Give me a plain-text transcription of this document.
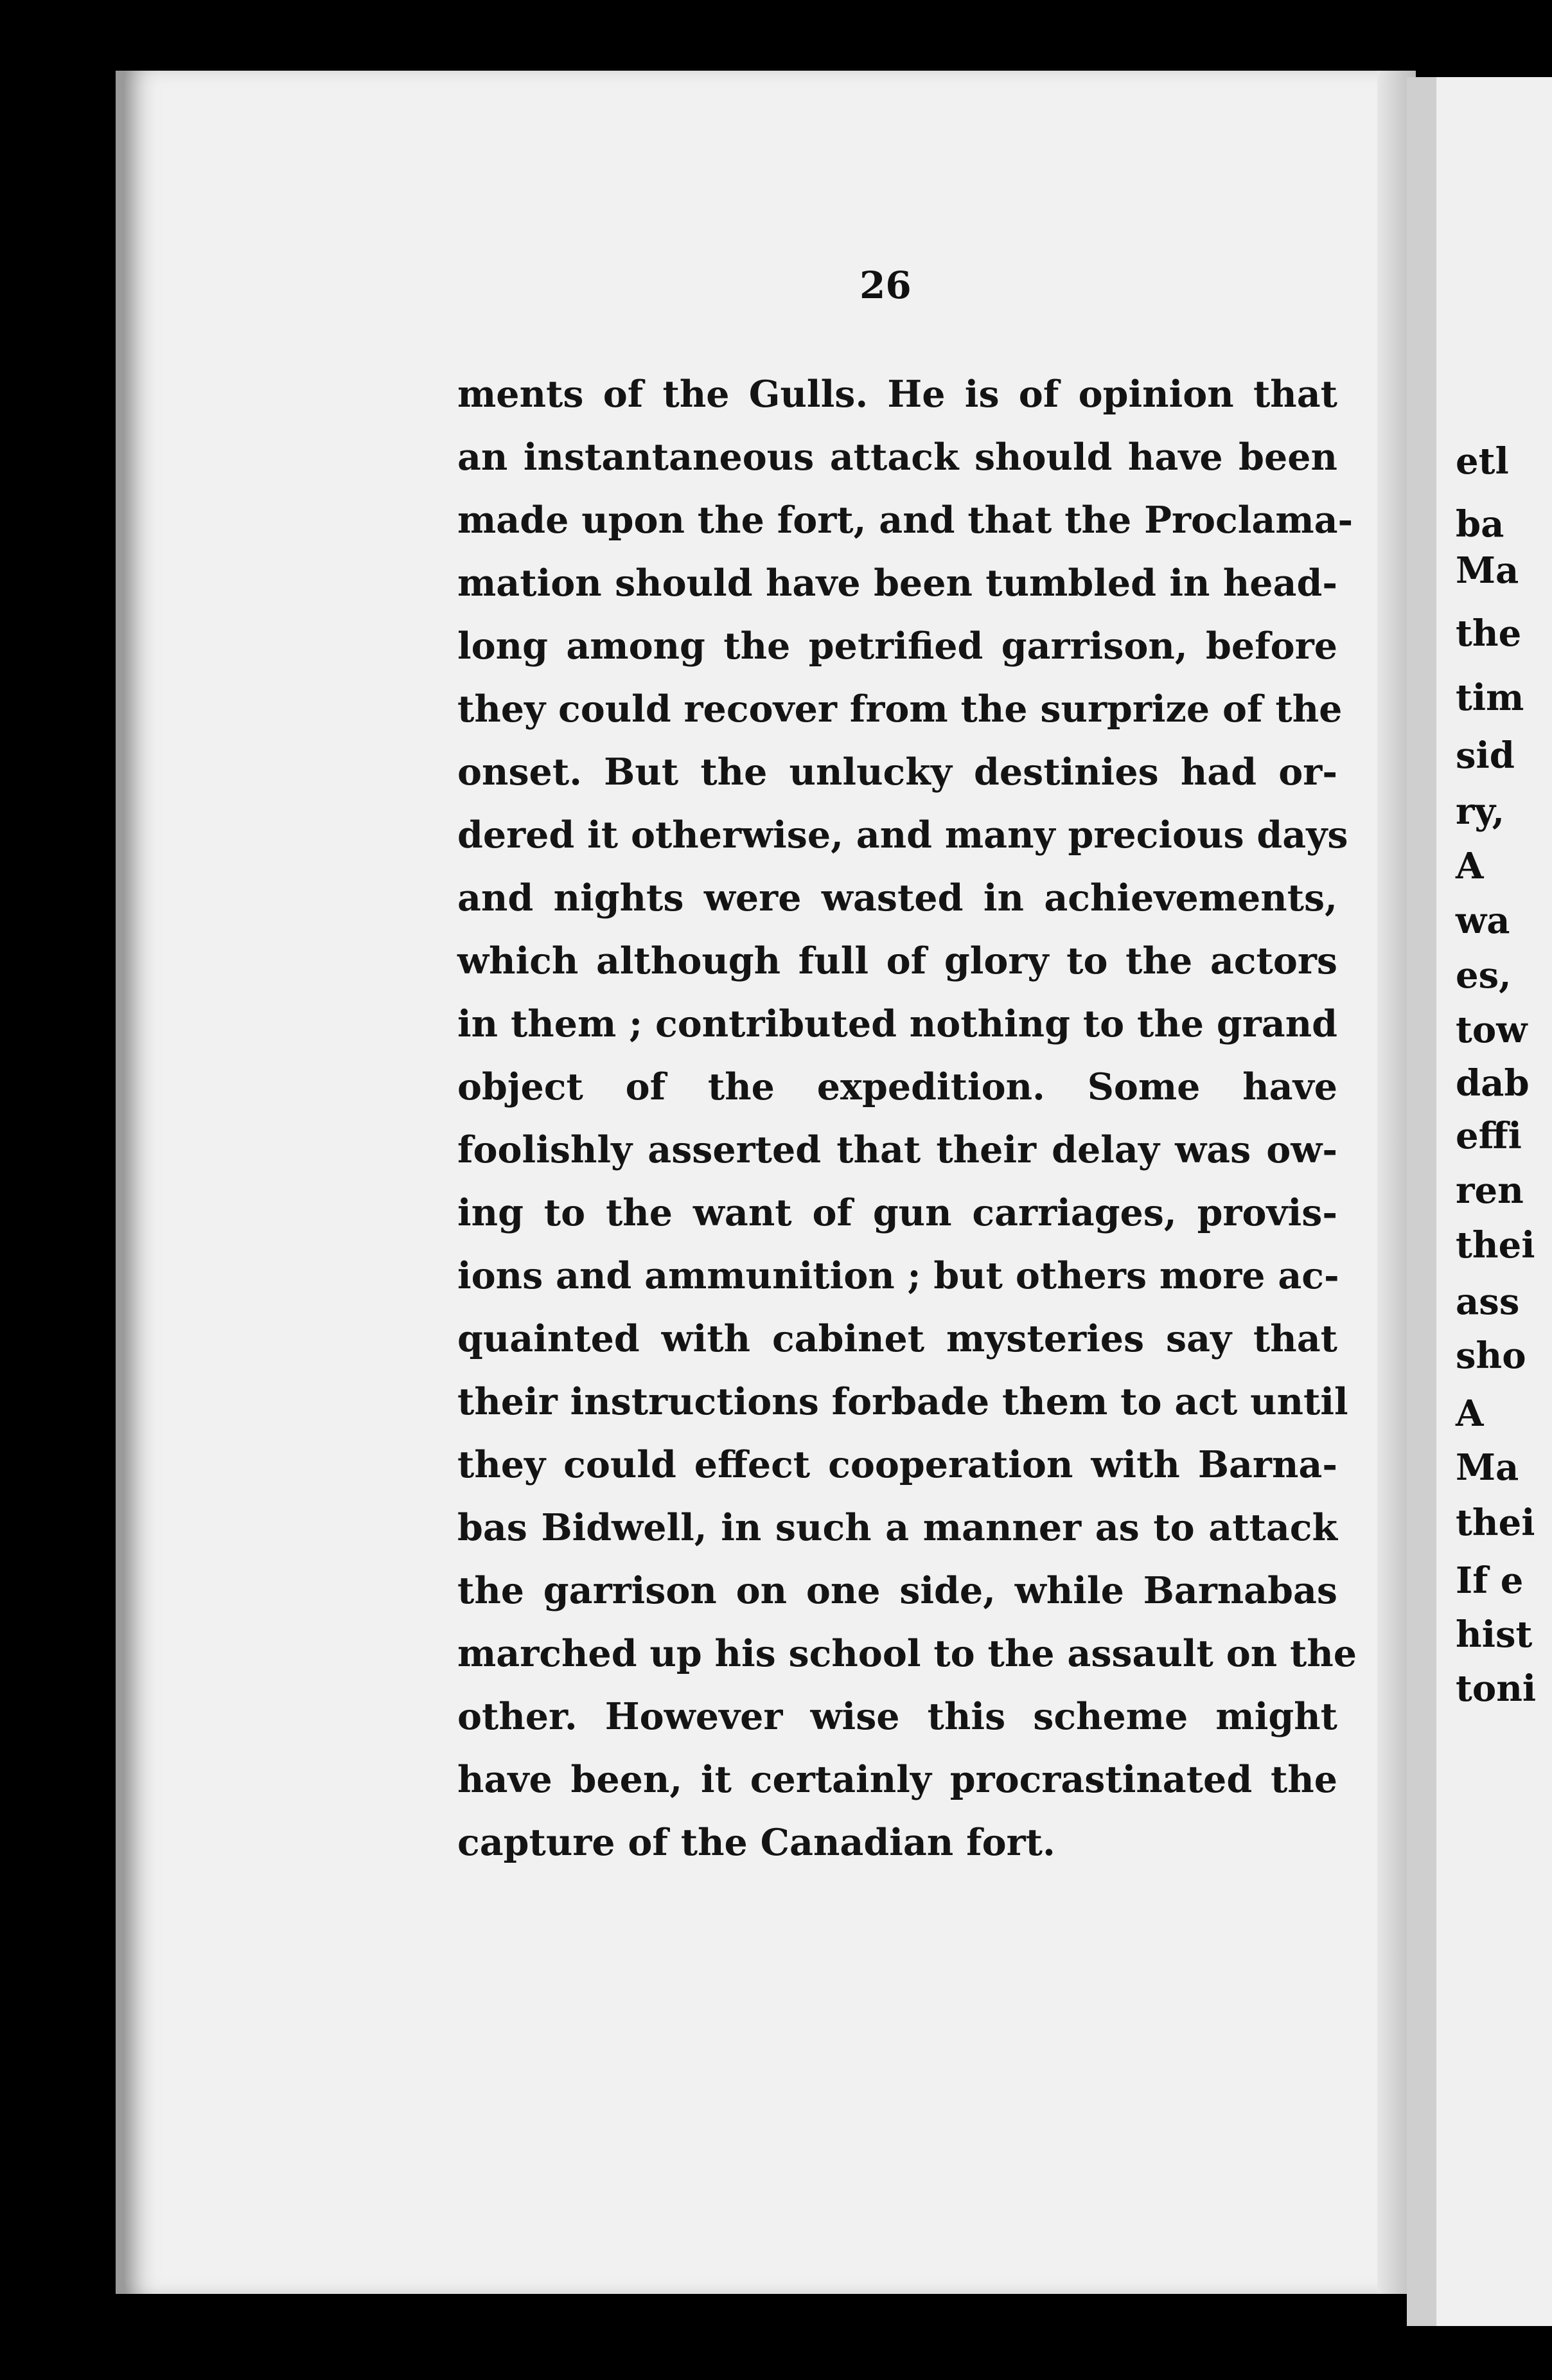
etl
ba
Ma
the
tim
sid
ry,
A
wa
es,
tow
dab
effi
ren
thei
ass
sho
A
Ma
thei
If e
hist
toni
26
ments of the Gulls. He is of opinion that
an instantaneous attack should have been
made upon the fort, and that the Proclama-
mation should have been tumbled in head-
long among the petrified garrison, before
they could recover from the surprize of the
onset. But the unlucky destinies had or-
dered it otherwise, and many precious days
and nights were wasted in achievements,
which although full of glory to the actors
in them ; contributed nothing to the grand
object of the expedition. Some have
foolishly asserted that their delay was ow-
ing to the want of gun carriages, provis-
ions and ammunition ; but others more ac-
quainted with cabinet mysteries say that
their instructions forbade them to act until
they could effect cooperation with Barna-
bas Bidwell, in such a manner as to attack
the garrison on one side, while Barnabas
marched up his school to the assault on the
other. However wise this scheme might
have been, it certainly procrastinated the
capture of the Canadian fort.
